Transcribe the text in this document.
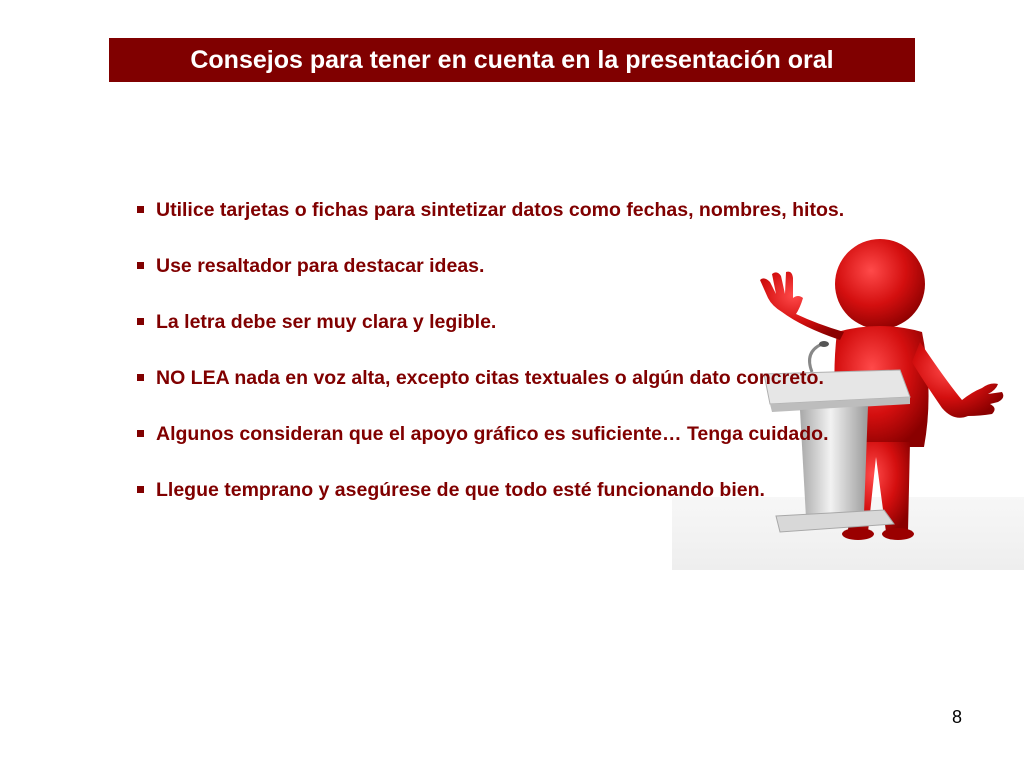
Consejos para tener en cuenta en la presentación oral
Utilice tarjetas o fichas para sintetizar datos como fechas, nombres, hitos.
Use resaltador para destacar ideas.
La letra debe ser muy clara y legible.
NO LEA nada en voz alta, excepto citas textuales o algún dato concreto.
Algunos consideran que el apoyo gráfico es suficiente… Tenga cuidado.
Llegue temprano y asegúrese de que todo esté funcionando bien.
8
